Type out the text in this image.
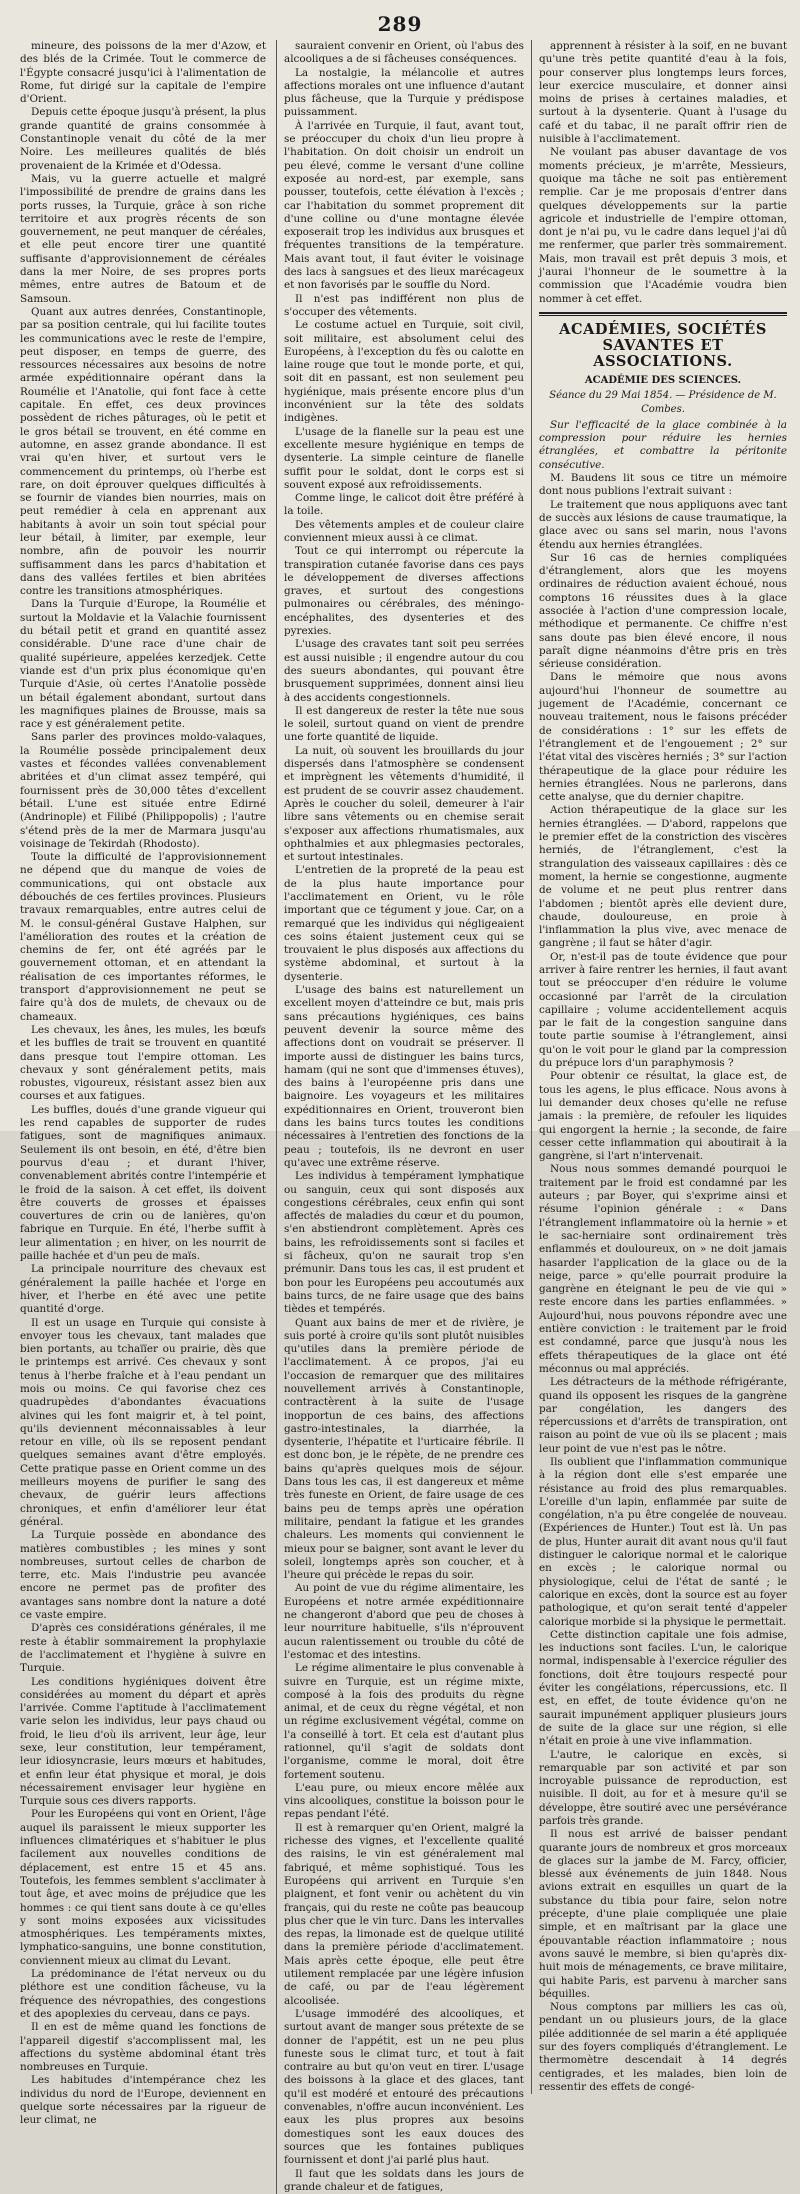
289

mineure, des poissons de la mer d'Azow, et des blés de la Crimée. Tout le commerce de l'Égypte consacré jusqu'ici à l'alimentation de Rome, fut dirigé sur la capitale de l'empire d'Orient.

Depuis cette époque jusqu'à présent, la plus grande quantité de grains consommée à Constantinople venait du côté de la mer Noire. Les meilleures qualités de blés provenaient de la Krimée et d'Odessa.

Mais, vu la guerre actuelle et malgré l'impossibilité de prendre de grains dans les ports russes, la Turquie, grâce à son riche territoire et aux progrès récents de son gouvernement, ne peut manquer de céréales, et elle peut encore tirer une quantité suffisante d'approvisionnement de céréales dans la mer Noire, de ses propres ports mêmes, entre autres de Batoum et de Samsoun.

Quant aux autres denrées, Constantinople, par sa position centrale, qui lui facilite toutes les communications avec le reste de l'empire, peut disposer, en temps de guerre, des ressources nécessaires aux besoins de notre armée expéditionnaire opérant dans la Roumélie et l'Anatolie, qui font face à cette capitale. En effet, ces deux provinces possèdent de riches pâturages, où le petit et le gros bétail se trouvent, en été comme en automne, en assez grande abondance. Il est vrai qu'en hiver, et surtout vers le commencement du printemps, où l'herbe est rare, on doit éprouver quelques difficultés à se fournir de viandes bien nourries, mais on peut remédier à cela en apprenant aux habitants à avoir un soin tout spécial pour leur bétail, à limiter, par exemple, leur nombre, afin de pouvoir les nourrir suffisamment dans les parcs d'habitation et dans des vallées fertiles et bien abritées contre les transitions atmosphériques.

Dans la Turquie d'Europe, la Roumélie et surtout la Moldavie et la Valachie fournissent du bétail petit et grand en quantité assez considérable. D'une race d'une chair de qualité supérieure, appelées kerzedjek. Cette viande est d'un prix plus économique qu'en Turquie d'Asie, où certes l'Anatolie possède un bétail également abondant, surtout dans les magnifiques plaines de Brousse, mais sa race y est généralement petite.

Sans parler des provinces moldo-valaques, la Roumélie possède principalement deux vastes et fécondes vallées convenablement abritées et d'un climat assez tempéré, qui fournissent près de 30,000 têtes d'excellent bétail. L'une est située entre Edirné (Andrinople) et Filibé (Philippopolis) ; l'autre s'étend près de la mer de Marmara jusqu'au voisinage de Tekirdah (Rhodosto).

Toute la difficulté de l'approvisionnement ne dépend que du manque de voies de communications, qui ont obstacle aux débouchés de ces fertiles provinces. Plusieurs travaux remarquables, entre autres celui de M. le consul-général Gustave Halphen, sur l'amélioration des routes et la création de chemins de fer, ont été agréés par le gouvernement ottoman, et en attendant la réalisation de ces importantes réformes, le transport d'approvisionnement ne peut se faire qu'à dos de mulets, de chevaux ou de chameaux.

Les chevaux, les ânes, les mules, les bœufs et les buffles de trait se trouvent en quantité dans presque tout l'empire ottoman. Les chevaux y sont généralement petits, mais robustes, vigoureux, résistant assez bien aux courses et aux fatigues.

Les buffles, doués d'une grande vigueur qui les rend capables de supporter de rudes fatigues, sont de magnifiques animaux. Seulement ils ont besoin, en été, d'être bien pourvus d'eau ; et durant l'hiver, convenablement abrités contre l'intempérie et le froid de la saison. À cet effet, ils doivent être couverts de grosses et épaisses couvertures de crin ou de lanières, qu'on fabrique en Turquie. En été, l'herbe suffit à leur alimentation ; en hiver, on les nourrit de paille hachée et d'un peu de maïs.

La principale nourriture des chevaux est généralement la paille hachée et l'orge en hiver, et l'herbe en été avec une petite quantité d'orge.

Il est un usage en Turquie qui consiste à envoyer tous les chevaux, tant malades que bien portants, au tchaïïer ou prairie, dès que le printemps est arrivé. Ces chevaux y sont tenus à l'herbe fraîche et à l'eau pendant un mois ou moins. Ce qui favorise chez ces quadrupèdes d'abondantes évacuations alvines qui les font maigrir et, à tel point, qu'ils deviennent méconnaissables à leur retour en ville, où ils se reposent pendant quelques semaines avant d'être employés. Cette pratique passe en Orient comme un des meilleurs moyens de purifier le sang des chevaux, de guérir leurs affections chroniques, et enfin d'améliorer leur état général.

La Turquie possède en abondance des matières combustibles ; les mines y sont nombreuses, surtout celles de charbon de terre, etc. Mais l'industrie peu avancée encore ne permet pas de profiter des avantages sans nombre dont la nature a doté ce vaste empire.

D'après ces considérations générales, il me reste à établir sommairement la prophylaxie de l'acclimatement et l'hygiène à suivre en Turquie.

Les conditions hygiéniques doivent être considérées au moment du départ et après l'arrivée. Comme l'aptitude à l'acclimatement varie selon les individus, leur pays chaud ou froid, le lieu d'où ils arrivent, leur âge, leur sexe, leur constitution, leur tempérament, leur idiosyncrasie, leurs mœurs et habitudes, et enfin leur état physique et moral, je dois nécessairement envisager leur hygiène en Turquie sous ces divers rapports.

Pour les Européens qui vont en Orient, l'âge auquel ils paraissent le mieux supporter les influences climatériques et s'habituer le plus facilement aux nouvelles conditions de déplacement, est entre 15 et 45 ans. Toutefois, les femmes semblent s'acclimater à tout âge, et avec moins de préjudice que les hommes : ce qui tient sans doute à ce qu'elles y sont moins exposées aux vicissitudes atmosphériques. Les tempéraments mixtes, lymphatico-sanguins, une bonne constitution, conviennent mieux au climat du Levant.

La prédominance de l'état nerveux ou du pléthore est une condition fâcheuse, vu la fréquence des névropathies, des congestions et des apoplexies du cerveau, dans ce pays.

Il en est de même quand les fonctions de l'appareil digestif s'accomplissent mal, les affections du système abdominal étant très nombreuses en Turquie.

Les habitudes d'intempérance chez les individus du nord de l'Europe, deviennent en quelque sorte nécessaires par la rigueur de leur climat, ne

sauraient convenir en Orient, où l'abus des alcooliques a de si fâcheuses conséquences.

La nostalgie, la mélancolie et autres affections morales ont une influence d'autant plus fâcheuse, que la Turquie y prédispose puissamment.

À l'arrivée en Turquie, il faut, avant tout, se préoccuper du choix d'un lieu propre à l'habitation. On doit choisir un endroit un peu élevé, comme le versant d'une colline exposée au nord-est, par exemple, sans pousser, toutefois, cette élévation à l'excès ; car l'habitation du sommet proprement dit d'une colline ou d'une montagne élevée exposerait trop les individus aux brusques et fréquentes transitions de la température. Mais avant tout, il faut éviter le voisinage des lacs à sangsues et des lieux marécageux et non favorisés par le souffle du Nord.

Il n'est pas indifférent non plus de s'occuper des vêtements.

Le costume actuel en Turquie, soit civil, soit militaire, est absolument celui des Européens, à l'exception du fès ou calotte en laine rouge que tout le monde porte, et qui, soit dit en passant, est non seulement peu hygiénique, mais présente encore plus d'un inconvénient sur la tête des soldats indigènes.

L'usage de la flanelle sur la peau est une excellente mesure hygiénique en temps de dysenterie. La simple ceinture de flanelle suffit pour le soldat, dont le corps est si souvent exposé aux refroidissements.

Comme linge, le calicot doit être préféré à la toile.

Des vêtements amples et de couleur claire conviennent mieux aussi à ce climat.

Tout ce qui interrompt ou répercute la transpiration cutanée favorise dans ces pays le développement de diverses affections graves, et surtout des congestions pulmonaires ou cérébrales, des méningo-encéphalites, des dysenteries et des pyrexies.

L'usage des cravates tant soit peu serrées est aussi nuisible ; il engendre autour du cou des sueurs abondantes, qui pouvant être brusquement supprimées, donnent ainsi lieu à des accidents congestionnels.

Il est dangereux de rester la tête nue sous le soleil, surtout quand on vient de prendre une forte quantité de liquide.

La nuit, où souvent les brouillards du jour dispersés dans l'atmosphère se condensent et imprègnent les vêtements d'humidité, il est prudent de se couvrir assez chaudement. Après le coucher du soleil, demeurer à l'air libre sans vêtements ou en chemise serait s'exposer aux affections rhumatismales, aux ophthalmies et aux phlegmasies pectorales, et surtout intestinales.

L'entretien de la propreté de la peau est de la plus haute importance pour l'acclimatement en Orient, vu le rôle important que ce tégument y joue. Car, on a remarqué que les individus qui négligeaient ces soins étaient justement ceux qui se trouvaient le plus disposés aux affections du système abdominal, et surtout à la dysenterie.

L'usage des bains est naturellement un excellent moyen d'atteindre ce but, mais pris sans précautions hygiéniques, ces bains peuvent devenir la source même des affections dont on voudrait se préserver. Il importe aussi de distinguer les bains turcs, hamam (qui ne sont que d'immenses étuves), des bains à l'européenne pris dans une baignoire. Les voyageurs et les militaires expéditionnaires en Orient, trouveront bien dans les bains turcs toutes les conditions nécessaires à l'entretien des fonctions de la peau ; toutefois, ils ne devront en user qu'avec une extrême réserve.

Les individus à tempérament lymphatique ou sanguin, ceux qui sont disposés aux congestions cérébrales, ceux enfin qui sont affectés de maladies du cœur et du poumon, s'en abstiendront complètement. Après ces bains, les refroidissements sont si faciles et si fâcheux, qu'on ne saurait trop s'en prémunir. Dans tous les cas, il est prudent et bon pour les Européens peu accoutumés aux bains turcs, de ne faire usage que des bains tièdes et tempérés.

Quant aux bains de mer et de rivière, je suis porté à croire qu'ils sont plutôt nuisibles qu'utiles dans la première période de l'acclimatement. À ce propos, j'ai eu l'occasion de remarquer que des militaires nouvellement arrivés à Constantinople, contractèrent à la suite de l'usage inopportun de ces bains, des affections gastro-intestinales, la diarrhée, la dysenterie, l'hépatite et l'urticaire fébrile. Il est donc bon, je le répète, de ne prendre ces bains qu'après quelques mois de séjour. Dans tous les cas, il est dangereux et même très funeste en Orient, de faire usage de ces bains peu de temps après une opération militaire, pendant la fatigue et les grandes chaleurs. Les moments qui conviennent le mieux pour se baigner, sont avant le lever du soleil, longtemps après son coucher, et à l'heure qui précède le repas du soir.

Au point de vue du régime alimentaire, les Européens et notre armée expéditionnaire ne changeront d'abord que peu de choses à leur nourriture habituelle, s'ils n'éprouvent aucun ralentissement ou trouble du côté de l'estomac et des intestins.

Le régime alimentaire le plus convenable à suivre en Turquie, est un régime mixte, composé à la fois des produits du règne animal, et de ceux du règne végétal, et non un régime exclusivement végétal, comme on l'a conseillé à tort. Et cela est d'autant plus rationnel, qu'il s'agit de soldats dont l'organisme, comme le moral, doit être fortement soutenu.

L'eau pure, ou mieux encore mêlée aux vins alcooliques, constitue la boisson pour le repas pendant l'été.

Il est à remarquer qu'en Orient, malgré la richesse des vignes, et l'excellente qualité des raisins, le vin est généralement mal fabriqué, et même sophistiqué. Tous les Européens qui arrivent en Turquie s'en plaignent, et font venir ou achètent du vin français, qui du reste ne coûte pas beaucoup plus cher que le vin turc. Dans les intervalles des repas, la limonade est de quelque utilité dans la première période d'acclimatement. Mais après cette époque, elle peut être utilement remplacée par une légère infusion de café, ou par de l'eau légèrement alcoolisée.

L'usage immodéré des alcooliques, et surtout avant de manger sous prétexte de se donner de l'appétit, est un ne peu plus funeste sous le climat turc, et tout à fait contraire au but qu'on veut en tirer. L'usage des boissons à la glace et des glaces, tant qu'il est modéré et entouré des précautions convenables, n'offre aucun inconvénient. Les eaux les plus propres aux besoins domestiques sont les eaux douces des sources que les fontaines publiques fournissent et dont j'ai parlé plus haut.

Il faut que les soldats dans les jours de grande chaleur et de fatigues,

apprennent à résister à la soif, en ne buvant qu'une très petite quantité d'eau à la fois, pour conserver plus longtemps leurs forces, leur exercice musculaire, et donner ainsi moins de prises à certaines maladies, et surtout à la dysenterie. Quant à l'usage du café et du tabac, il ne paraît offrir rien de nuisible à l'acclimatement.

Ne voulant pas abuser davantage de vos moments précieux, je m'arrête, Messieurs, quoique ma tâche ne soit pas entièrement remplie. Car je me proposais d'entrer dans quelques développements sur la partie agricole et industrielle de l'empire ottoman, dont je n'ai pu, vu le cadre dans lequel j'ai dû me renfermer, que parler très sommairement. Mais, mon travail est prêt depuis 3 mois, et j'aurai l'honneur de le soumettre à la commission que l'Académie voudra bien nommer à cet effet.

ACADÉMIES, SOCIÉTÉS SAVANTES ET ASSOCIATIONS.
ACADÉMIE DES SCIENCES.
Séance du 29 Mai 1854. — Présidence de M. Combes.

Sur l'efficacité de la glace combinée à la compression pour réduire les hernies étranglées, et combattre la péritonite consécutive.

M. Baudens lit sous ce titre un mémoire dont nous publions l'extrait suivant :

Le traitement que nous appliquons avec tant de succès aux lésions de cause traumatique, la glace avec ou sans sel marin, nous l'avons étendu aux hernies étranglées.

Sur 16 cas de hernies compliquées d'étranglement, alors que les moyens ordinaires de réduction avaient échoué, nous comptons 16 réussites dues à la glace associée à l'action d'une compression locale, méthodique et permanente. Ce chiffre n'est sans doute pas bien élevé encore, il nous paraît digne néanmoins d'être pris en très sérieuse considération.

Dans le mémoire que nous avons aujourd'hui l'honneur de soumettre au jugement de l'Académie, concernant ce nouveau traitement, nous le faisons précéder de considérations : 1° sur les effets de l'étranglement et de l'engouement ; 2° sur l'état vital des viscères herniés ; 3° sur l'action thérapeutique de la glace pour réduire les hernies étranglées. Nous ne parlerons, dans cette analyse, que du dernier chapitre.

Action thérapeutique de la glace sur les hernies étranglées. — D'abord, rappelons que le premier effet de la constriction des viscères herniés, de l'étranglement, c'est la strangulation des vaisseaux capillaires : dès ce moment, la hernie se congestionne, augmente de volume et ne peut plus rentrer dans l'abdomen ; bientôt après elle devient dure, chaude, douloureuse, en proie à l'inflammation la plus vive, avec menace de gangrène ; il faut se hâter d'agir.

Or, n'est-il pas de toute évidence que pour arriver à faire rentrer les hernies, il faut avant tout se préoccuper d'en réduire le volume occasionné par l'arrêt de la circulation capillaire ; volume accidentellement acquis par le fait de la congestion sanguine dans toute partie soumise à l'étranglement, ainsi qu'on le voit pour le gland par la compression du prépuce lors d'un paraphymosis ?

Pour obtenir ce résultat, la glace est, de tous les agens, le plus efficace. Nous avons à lui demander deux choses qu'elle ne refuse jamais : la première, de refouler les liquides qui engorgent la hernie ; la seconde, de faire cesser cette inflammation qui aboutirait à la gangrène, si l'art n'intervenait.

Nous nous sommes demandé pourquoi le traitement par le froid est condamné par les auteurs ; par Boyer, qui s'exprime ainsi et résume l'opinion générale : « Dans l'étranglement inflammatoire où la hernie » et le sac-herniaire sont ordinairement très enflammés et douloureux, on » ne doit jamais hasarder l'application de la glace ou de la neige, parce » qu'elle pourrait produire la gangrène en éteignant le peu de vie qui » reste encore dans les parties enflammées. » Aujourd'hui, nous pouvons répondre avec une entière conviction : le traitement par le froid est condamné, parce que jusqu'à nous les effets thérapeutiques de la glace ont été méconnus ou mal appréciés.

Les détracteurs de la méthode réfrigérante, quand ils opposent les risques de la gangrène par congélation, les dangers des répercussions et d'arrêts de transpiration, ont raison au point de vue où ils se placent ; mais leur point de vue n'est pas le nôtre.

Ils oublient que l'inflammation communique à la région dont elle s'est emparée une résistance au froid des plus remarquables. L'oreille d'un lapin, enflammée par suite de congélation, n'a pu être congelée de nouveau. (Expériences de Hunter.) Tout est là. Un pas de plus, Hunter aurait dit avant nous qu'il faut distinguer le calorique normal et le calorique en excès ; le calorique normal ou physiologique, celui de l'état de santé ; le calorique en excès, dont la source est au foyer pathologique, et qu'on serait tenté d'appeler calorique morbide si la physique le permettait.

Cette distinction capitale une fois admise, les inductions sont faciles. L'un, le calorique normal, indispensable à l'exercice régulier des fonctions, doit être toujours respecté pour éviter les congélations, répercussions, etc. Il est, en effet, de toute évidence qu'on ne saurait impunément appliquer plusieurs jours de suite de la glace sur une région, si elle n'était en proie à une vive inflammation.

L'autre, le calorique en excès, si remarquable par son activité et par son incroyable puissance de reproduction, est nuisible. Il doit, au for et à mesure qu'il se développe, être soutiré avec une persévérance parfois très grande.

Il nous est arrivé de baisser pendant quarante jours de nombreux et gros morceaux de glaces sur la jambe de M. Farcy, officier, blessé aux événements de juin 1848. Nous avions extrait en esquilles un quart de la substance du tibia pour faire, selon notre précepte, d'une plaie compliquée une plaie simple, et en maîtrisant par la glace une épouvantable réaction inflammatoire ; nous avons sauvé le membre, si bien qu'après dix-huit mois de ménagements, ce brave militaire, qui habite Paris, est parvenu à marcher sans béquilles.

Nous comptons par milliers les cas où, pendant un ou plusieurs jours, de la glace pilée additionnée de sel marin a été appliquée sur des foyers compliqués d'étranglement. Le thermomètre descendait à 14 degrés centigrades, et les malades, bien loin de ressentir des effets de congé-
